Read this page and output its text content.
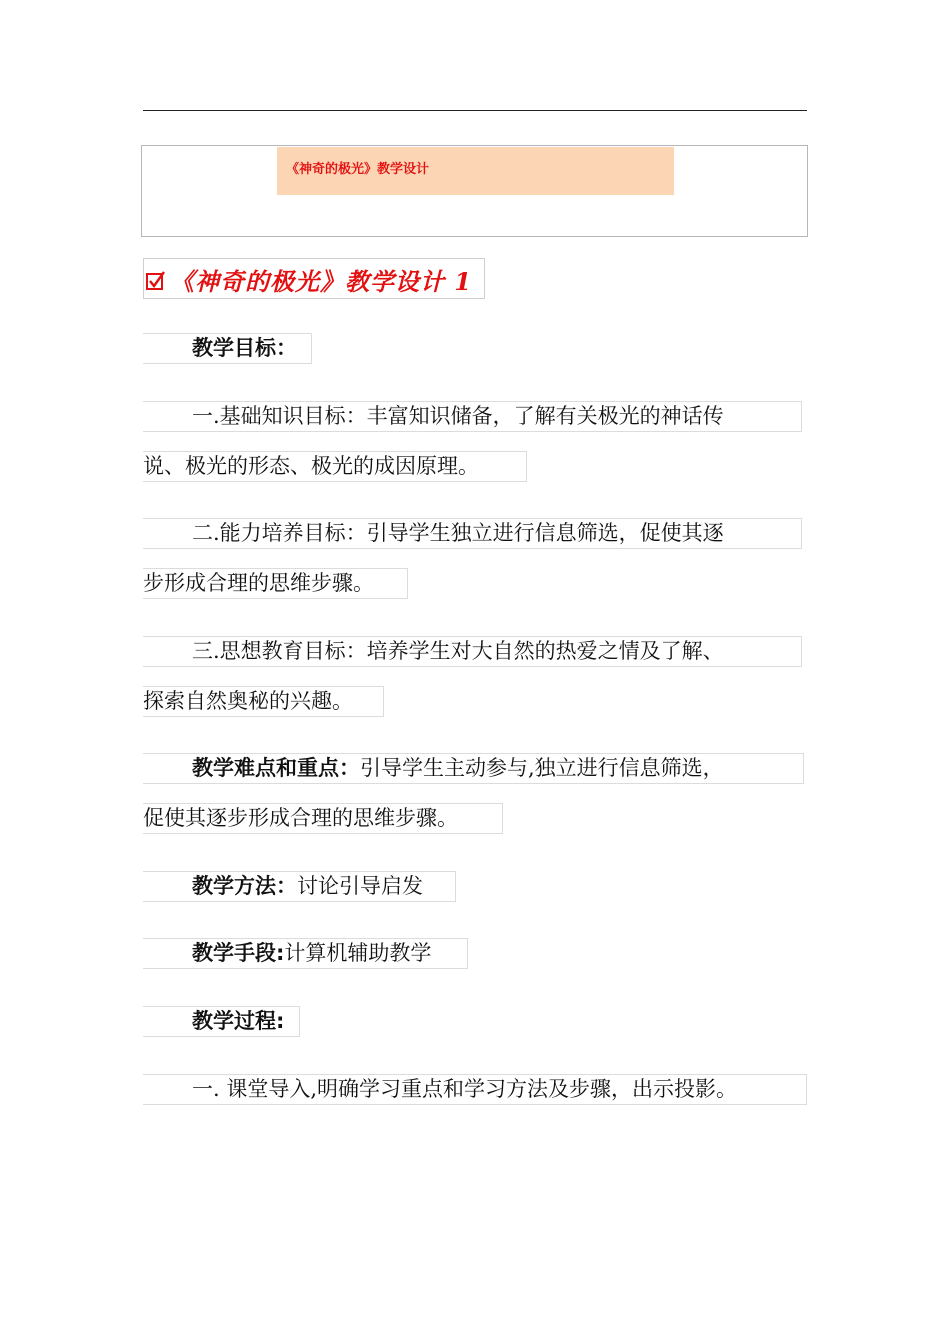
《神奇的极光》教学设计
《神奇的极光》教学设计 1
教学目标：
一.基础知识目标：丰富知识储备，了解有关极光的神话传
说、极光的形态、极光的成因原理。
二.能力培养目标：引导学生独立进行信息筛选，促使其逐
步形成合理的思维步骤。
三.思想教育目标：培养学生对大自然的热爱之情及了解、
探索自然奥秘的兴趣。
教学难点和重点：引导学生主动参与,独立进行信息筛选，
促使其逐步形成合理的思维步骤。
教学方法：讨论引导启发
教学手段:计算机辅助教学
教学过程:
一. 课堂导入,明确学习重点和学习方法及步骤，出示投影。
